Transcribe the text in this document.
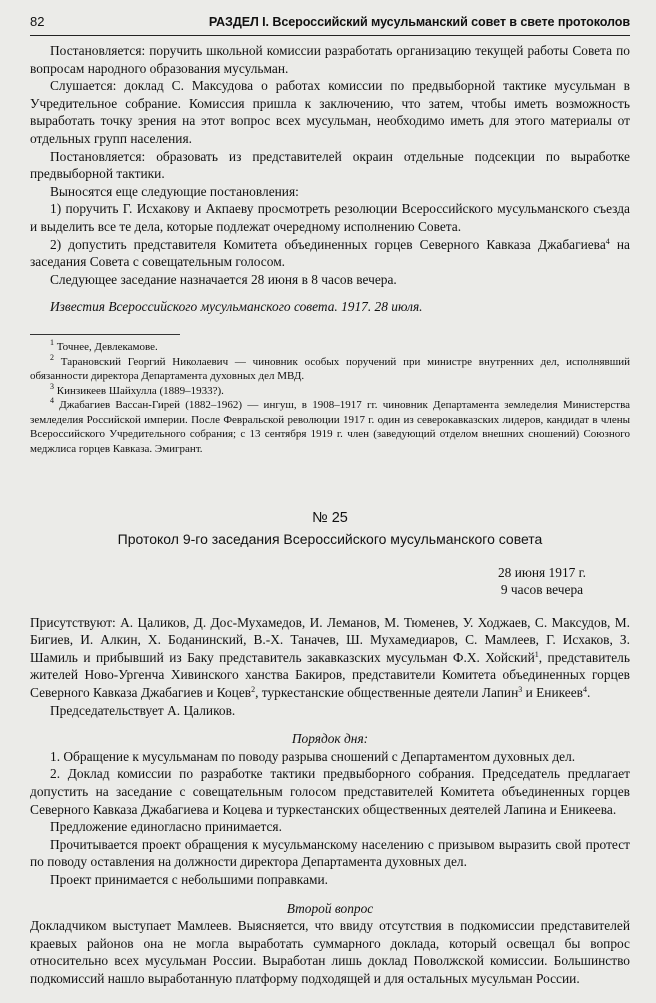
82	РАЗДЕЛ I. Всероссийский мусульманский совет в свете протоколов

Постановляется: поручить школьной комиссии разработать организацию текущей работы Совета по вопросам народного образования мусульман.

Слушается: доклад С. Максудова о работах комиссии по предвыборной тактике мусульман в Учредительное собрание. Комиссия пришла к заключению, что затем, чтобы иметь возможность выработать точку зрения на этот вопрос всех мусульман, необходимо иметь для этого материалы от отдельных групп населения.

Постановляется: образовать из представителей окраин отдельные подсекции по выработке предвыборной тактики.

Выносятся еще следующие постановления:

1) поручить Г. Исхакову и Акпаеву просмотреть резолюции Всероссийского мусульманского съезда и выделить все те дела, которые подлежат очередному исполнению Совета.

2) допустить представителя Комитета объединенных горцев Северного Кавказа Джабагиева$^4$ на заседания Совета с совещательным голосом.

Следующее заседание назначается 28 июня в 8 часов вечера.

Известия Всероссийского мусульманского совета. 1917. 28 июля.

$^1$ Точнее, Девлекамове.

$^2$ Тарановский Георгий Николаевич — чиновник особых поручений при министре внутренних дел, исполнявший обязанности директора Департамента духовных дел МВД.

$^3$ Кинзикеев Шайхулла (1889–1933?).

$^4$ Джабагиев Вассан-Гирей (1882–1962) — ингуш, в 1908–1917 гг. чиновник Департамента земледелия Министерства земледелия Российской империи. После Февральской революции 1917 г. один из северокавказских лидеров, кандидат в члены Всероссийского Учредительного собрания; с 13 сентября 1919 г. член (заведующий отделом внешних сношений) Союзного меджлиса горцев Кавказа. Эмигрант.

№ 25
Протокол 9-го заседания Всероссийского мусульманского совета
28 июня 1917 г.
9 часов вечера

Присутствуют: А. Цаликов, Д. Дос-Мухамедов, И. Леманов, М. Тюменев, У. Ходжаев, С. Максудов, М. Бигиев, И. Алкин, Х. Боданинский, В.-Х. Таначев, Ш. Мухамедиаров, С. Мамлеев, Г. Исхаков, З. Шамиль и прибывший из Баку представитель закавказских мусульман Ф.Х. Хойский$^1$, представитель жителей Ново-Ургенча Хивинского ханства Бакиров, представители Комитета объединенных горцев Северного Кавказа Джабагиев и Коцев$^2$, туркестанские общественные деятели Лапин$^3$ и Еникеев$^4$.

Председательствует А. Цаликов.

Порядок дня:

1. Обращение к мусульманам по поводу разрыва сношений с Департаментом духовных дел.

2. Доклад комиссии по разработке тактики предвыборного собрания. Председатель предлагает допустить на заседание с совещательным голосом представителей Комитета объединенных горцев Северного Кавказа Джабагиева и Коцева и туркестанских общественных деятелей Лапина и Еникеева.

Предложение единогласно принимается.

Прочитывается проект обращения к мусульманскому населению с призывом выразить свой протест по поводу оставления на должности директора Департамента духовных дел.

Проект принимается с небольшими поправками.

Второй вопрос

Докладчиком выступает Мамлеев. Выясняется, что ввиду отсутствия в подкомиссии представителей краевых районов она не могла выработать суммарного доклада, который освещал бы вопрос относительно всех мусульман России. Выработан лишь доклад Поволжской комиссии. Большинство подкомиссий нашло выработанную платформу подходящей и для остальных мусульман России.
